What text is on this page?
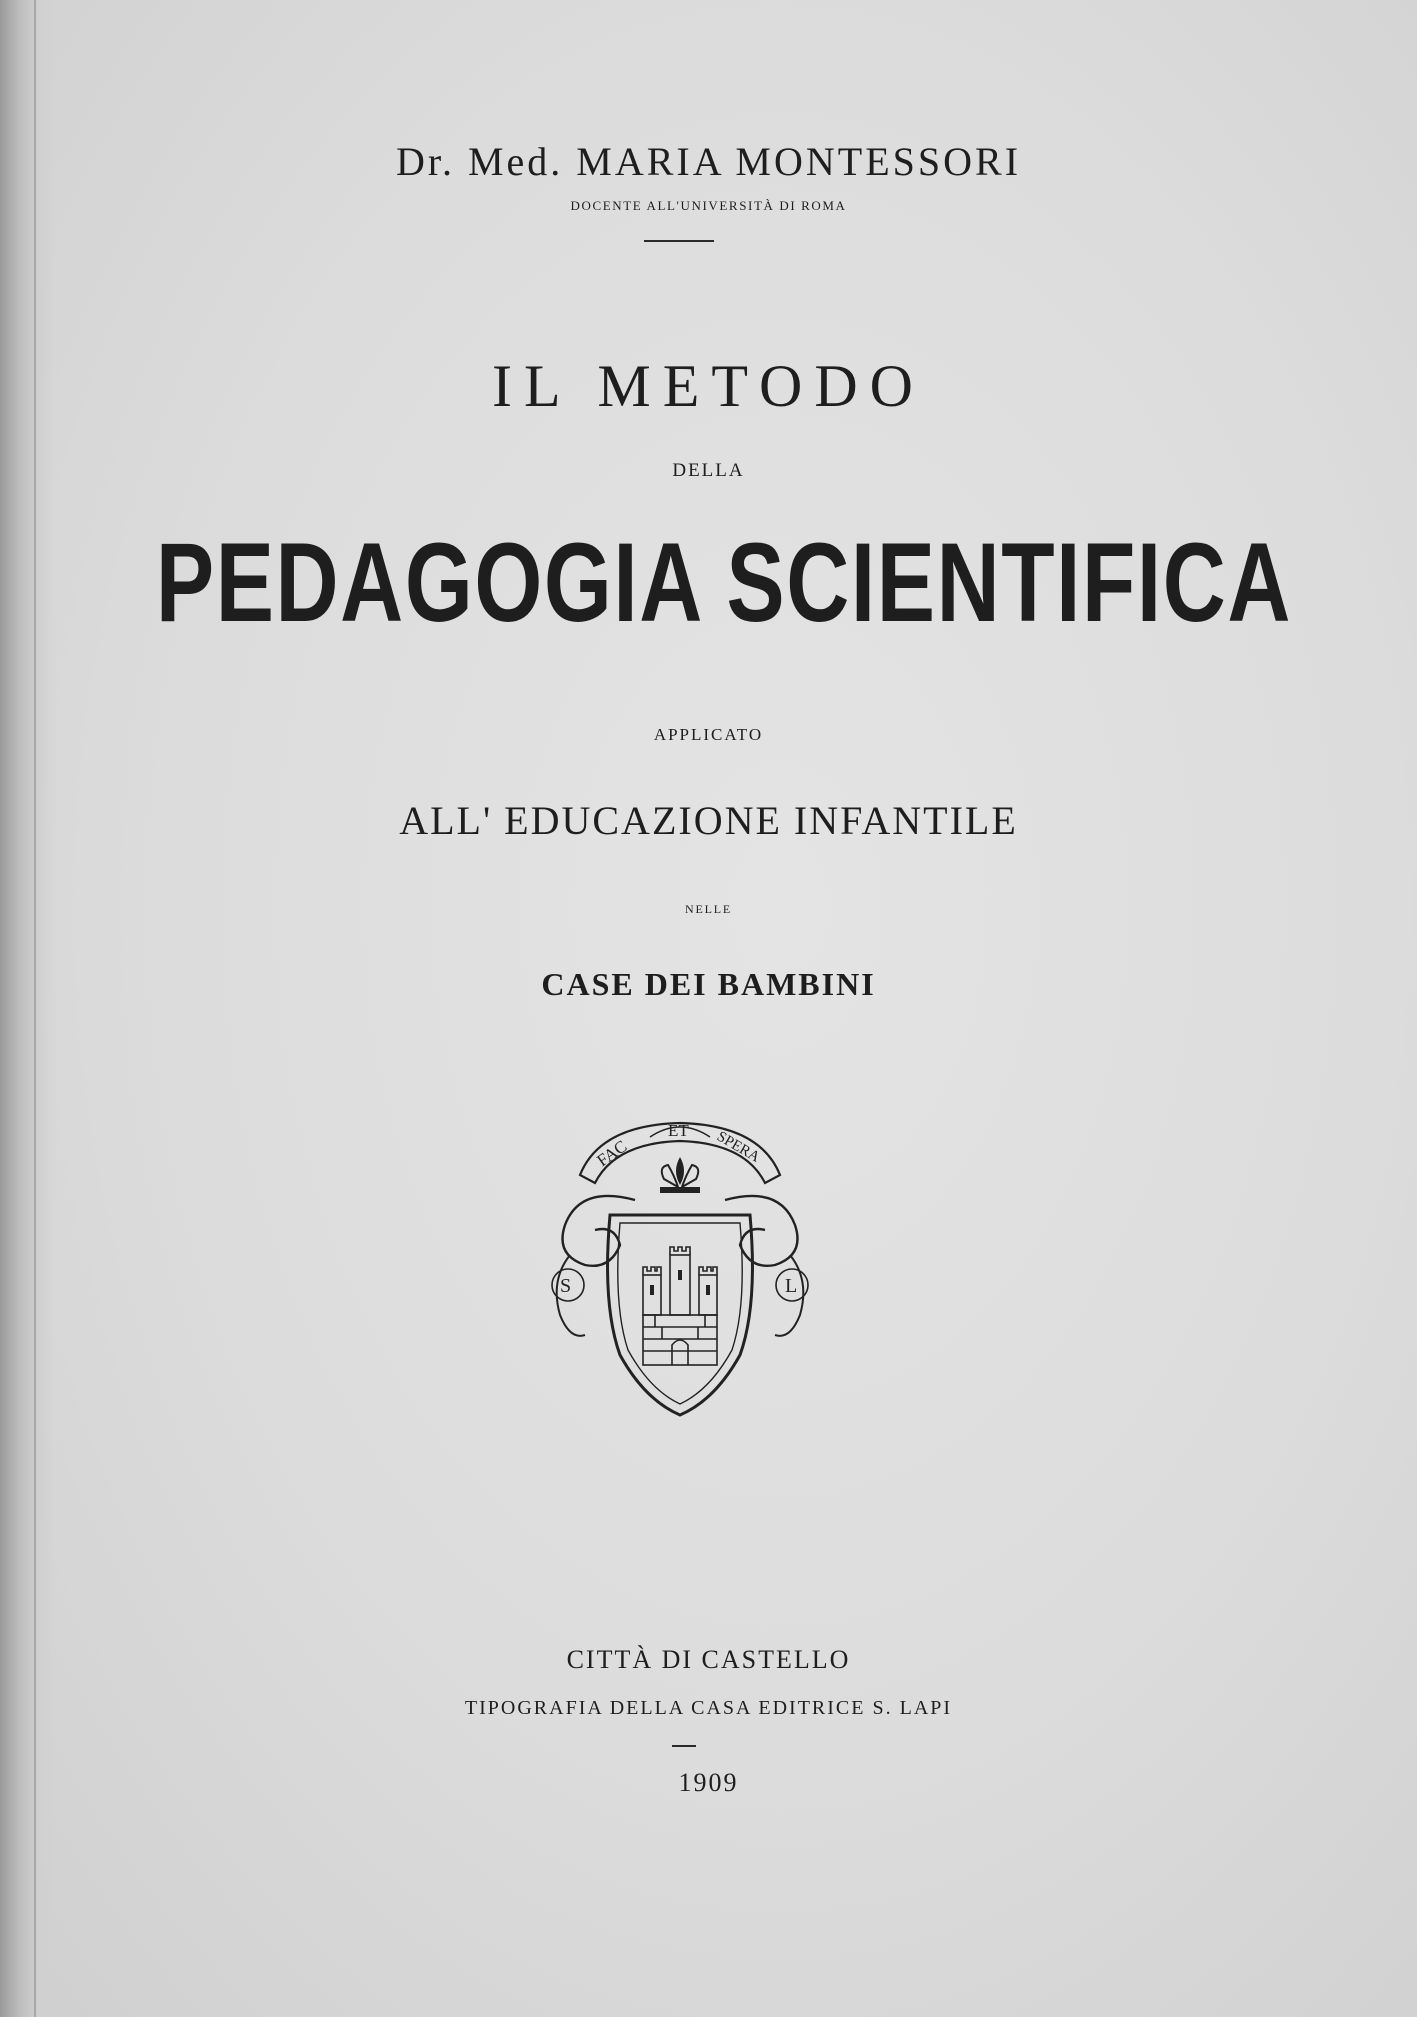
Dr. Med. MARIA MONTESSORI
DOCENTE ALL'UNIVERSITÀ DI ROMA
IL METODO
DELLA
PEDAGOGIA SCIENTIFICA
APPLICATO
ALL' EDUCAZIONE INFANTILE
NELLE
CASE DEI BAMBINI
FAC
ET SPERA
S	L
CITTÀ DI CASTELLO
TIPOGRAFIA DELLA CASA EDITRICE S. LAPI
1909
